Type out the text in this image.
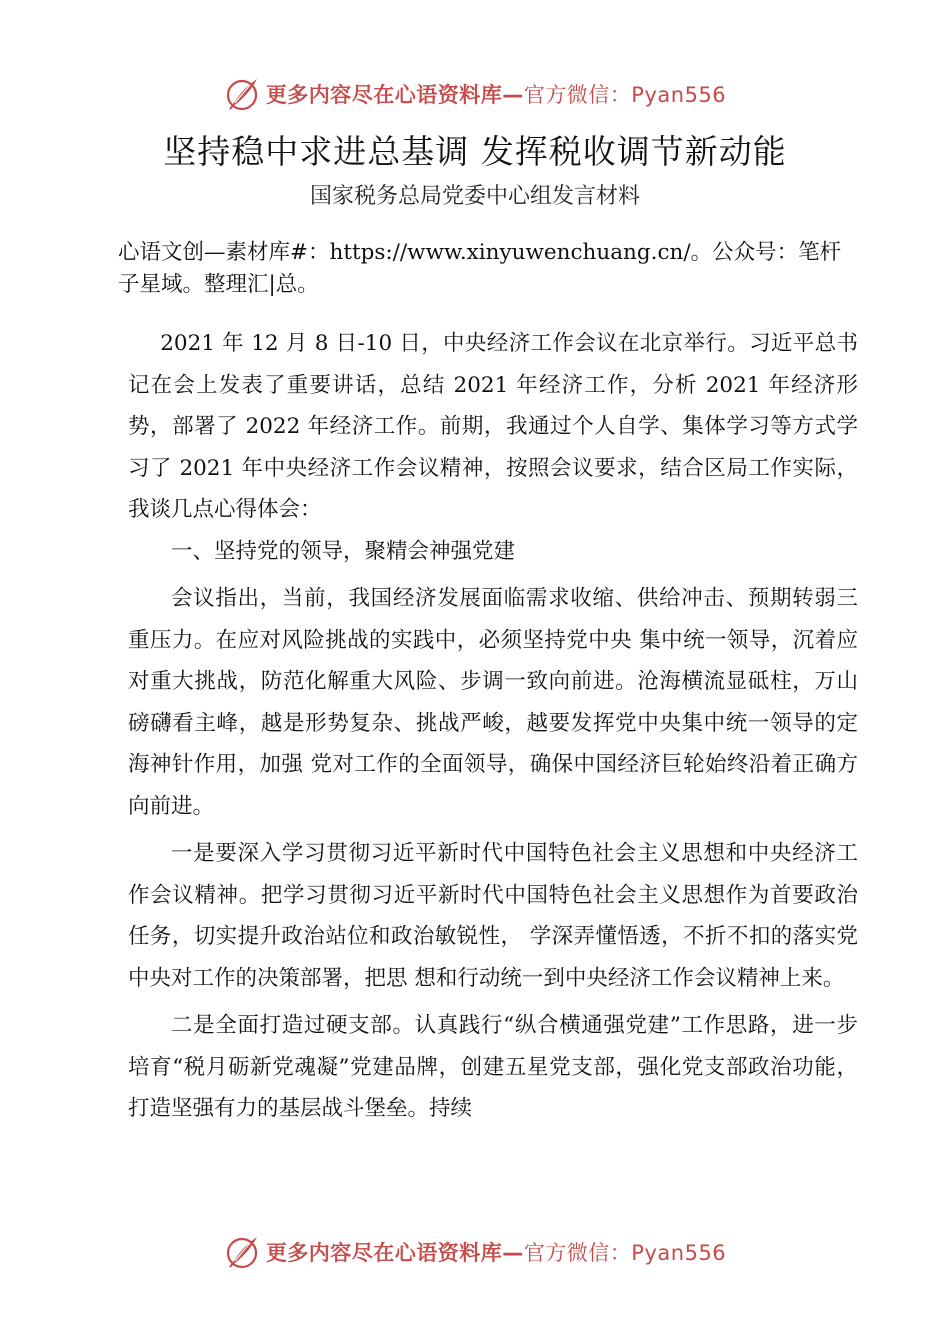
更多内容尽在心语资料库—官方微信：Pyan556
坚持稳中求进总基调 发挥税收调节新动能
国家税务总局党委中心组发言材料
心语文创—素材库#：https://www.xinyuwenchuang.cn/。公众号：笔杆子星域。整理汇|总。

2021 年 12 月 8 日-10 日，中央经济工作会议在北京举行。习近平总书记在会上发表了重要讲话，总结 2021 年经济工作，分析 2021 年经济形势，部署了 2022 年经济工作。前期，我通过个人自学、集体学习等方式学习了 2021 年中央经济工作会议精神，按照会议要求，结合区局工作实际，我谈几点心得体会：

一、坚持党的领导，聚精会神强党建

会议指出，当前，我国经济发展面临需求收缩、供给冲击、预期转弱三重压力。在应对风险挑战的实践中，必须坚持党中央 集中统一领导，沉着应对重大挑战，防范化解重大风险、步调一致向前进。沧海横流显砥柱，万山磅礴看主峰，越是形势复杂、挑战严峻，越要发挥党中央集中统一领导的定海神针作用，加强 党对工作的全面领导，确保中国经济巨轮始终沿着正确方向前进。

一是要深入学习贯彻习近平新时代中国特色社会主义思想和中央经济工作会议精神。把学习贯彻习近平新时代中国特色社会主义思想作为首要政治任务，切实提升政治站位和政治敏锐性， 学深弄懂悟透，不折不扣的落实党中央对工作的决策部署，把思 想和行动统一到中央经济工作会议精神上来。

二是全面打造过硬支部。认真践行“纵合横通强党建”工作思路，进一步培育“税月砺新党魂凝”党建品牌，创建五星党支部，强化党支部政治功能，打造坚强有力的基层战斗堡垒。持续

更多内容尽在心语资料库—官方微信：Pyan556
